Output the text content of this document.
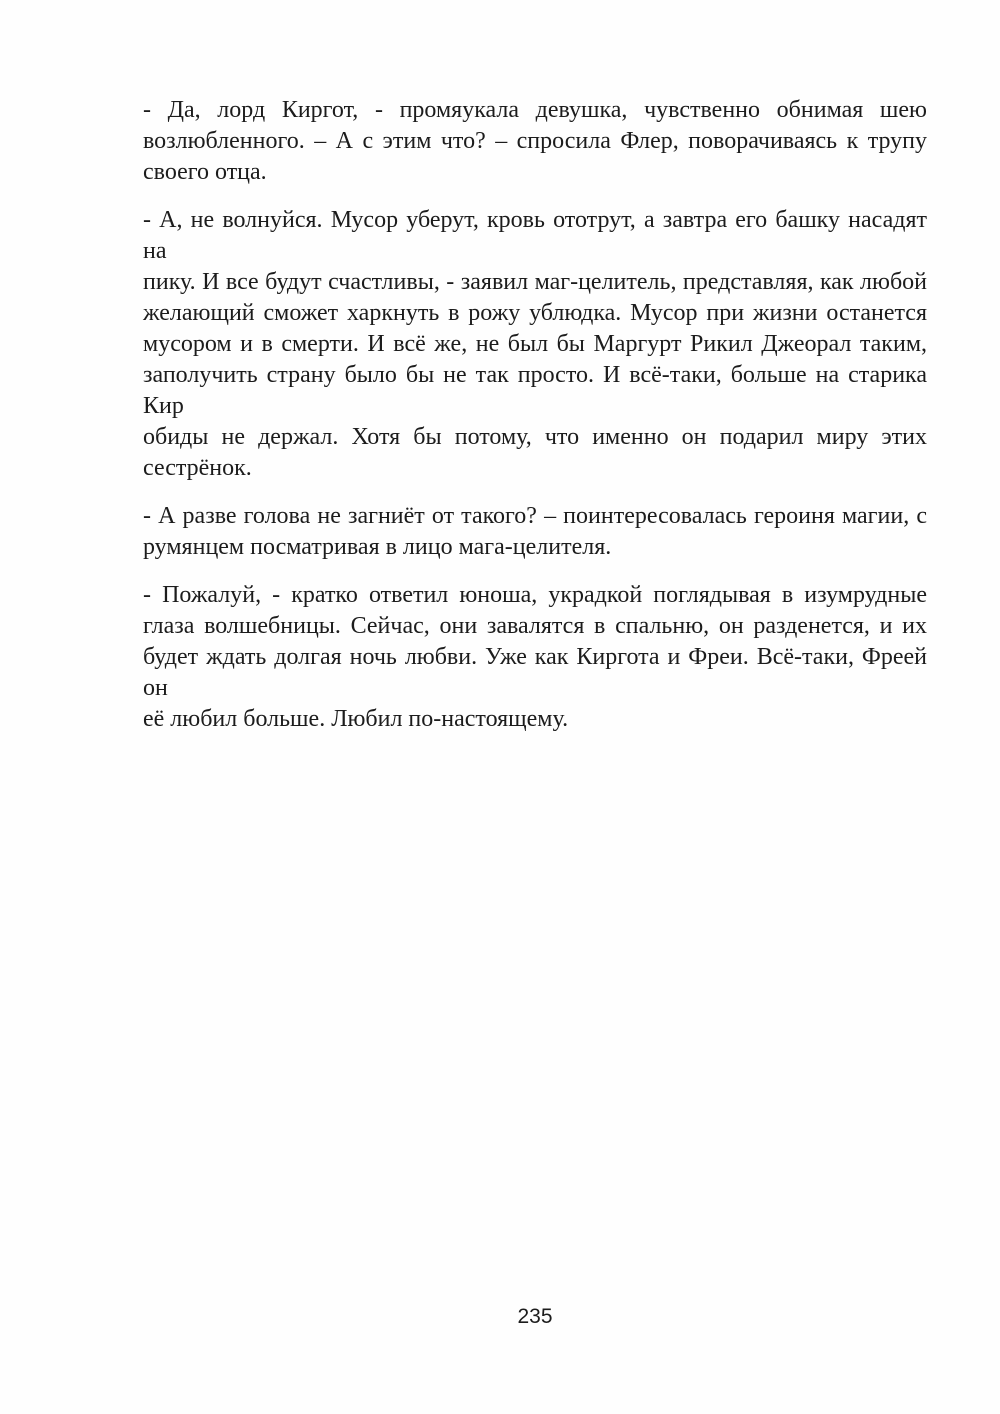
- Да, лорд Киргот, - промяукала девушка, чувственно обнимая шею
возлюбленного. – А с этим что? – спросила Флер, поворачиваясь к трупу
своего отца.
- А, не волнуйся. Мусор уберут, кровь ототрут, а завтра его башку насадят на
пику. И все будут счастливы, - заявил маг-целитель, представляя, как любой
желающий сможет харкнуть в рожу ублюдка. Мусор при жизни останется
мусором и в смерти. И всё же, не был бы Маргурт Рикил Джеорал таким,
заполучить страну было бы не так просто. И всё-таки, больше на старика Кир
обиды не держал. Хотя бы потому, что именно он подарил миру этих
сестрёнок.
- А разве голова не загниёт от такого? – поинтересовалась героиня магии, с
румянцем посматривая в лицо мага-целителя.
- Пожалуй, - кратко ответил юноша, украдкой поглядывая в изумрудные
глаза волшебницы. Сейчас, они завалятся в спальню, он разденется, и их
будет ждать долгая ночь любви. Уже как Киргота и Фреи. Всё-таки, Фреей он
её любил больше. Любил по-настоящему.
235
